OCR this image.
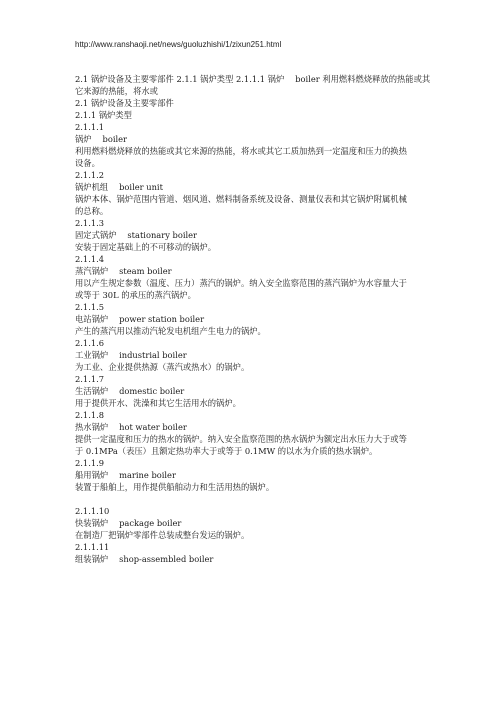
http://www.ranshaoji.net/news/guoluzhishi/1/zixun251.html

2.1 锅炉设备及主要零部件 2.1.1 锅炉类型 2.1.1.1 锅炉　 boiler 利用燃料燃烧释放的热能或其

它来源的热能，将水或

2.1 锅炉设备及主要零部件

2.1.1 锅炉类型

2.1.1.1

锅炉　 boiler

利用燃料燃烧释放的热能或其它来源的热能，将水或其它工质加热到一定温度和压力的换热

设备。

2.1.1.2

锅炉机组　 boiler unit

锅炉本体、锅炉范围内管道、烟风道、燃料制备系统及设备、测量仪表和其它锅炉附属机械

的总称。

2.1.1.3

固定式锅炉　 stationary boiler

安装于固定基础上的不可移动的锅炉。

2.1.1.4

蒸汽锅炉　 steam boiler

用以产生规定参数（温度、压力）蒸汽的锅炉。纳入安全监察范围的蒸汽锅炉为水容量大于

或等于 30L 的承压的蒸汽锅炉。

2.1.1.5

电站锅炉　 power station boiler

产生的蒸汽用以推动汽轮发电机组产生电力的锅炉。

2.1.1.6

工业锅炉　 industrial boiler

为工业、企业提供热源（蒸汽或热水）的锅炉。

2.1.1.7

生活锅炉　 domestic boiler

用于提供开水、洗澡和其它生活用水的锅炉。

2.1.1.8

热水锅炉　 hot water boiler

提供一定温度和压力的热水的锅炉。纳入安全监察范围的热水锅炉为额定出水压力大于或等

于 0.1MPa（表压）且额定热功率大于或等于 0.1MW 的以水为介质的热水锅炉。

2.1.1.9

船用锅炉　 marine boiler

装置于船舶上，用作提供船舶动力和生活用热的锅炉。

2.1.1.10

快装锅炉　 package boiler

在制造厂把锅炉零部件总装成整台发运的锅炉。

2.1.1.11

组装锅炉　 shop-assembled boiler
